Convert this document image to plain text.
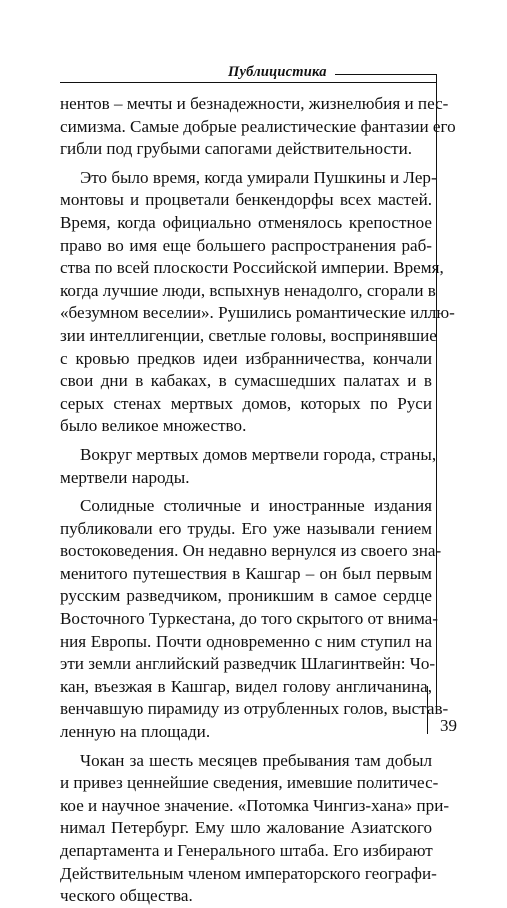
Публицистика
39
нентов – мечты и безнадежности, жизнелюбия и пес-
симизма. Самые добрые реалистические фантазии его
гибли под грубыми сапогами действительности.
Это было время, когда умирали Пушкины и Лер-
монтовы и процветали бенкендорфы всех мастей.
Время, когда официально отменялось крепостное
право во имя еще большего распространения раб-
ства по всей плоскости Российской империи. Время,
когда лучшие люди, вспыхнув ненадолго, сгорали в
«безумном веселии». Рушились романтические иллю-
зии интеллигенции, светлые головы, воспринявшие
с кровью предков идеи избранничества, кончали
свои дни в кабаках, в сумасшедших палатах и в
серых стенах мертвых домов, которых по Руси
было великое множество.
Вокруг мертвых домов мертвели города, страны,
мертвели народы.
Солидные столичные и иностранные издания
публиковали его труды. Его уже называли гением
востоковедения. Он недавно вернулся из своего зна-
менитого путешествия в Кашгар – он был первым
русским разведчиком, проникшим в самое сердце
Восточного Туркестана, до того скрытого от внима-
ния Европы. Почти одновременно с ним ступил на
эти земли английский разведчик Шлагинтвейн: Чо-
кан, въезжая в Кашгар, видел голову англичанина,
венчавшую пирамиду из отрубленных голов, выстав-
ленную на площади.
Чокан за шесть месяцев пребывания там добыл
и привез ценнейшие сведения, имевшие политичес-
кое и научное значение. «Потомка Чингиз-хана» при-
нимал Петербург. Ему шло жалование Азиатского
департамента и Генерального штаба. Его избирают
Действительным членом императорского географи-
ческого общества.
